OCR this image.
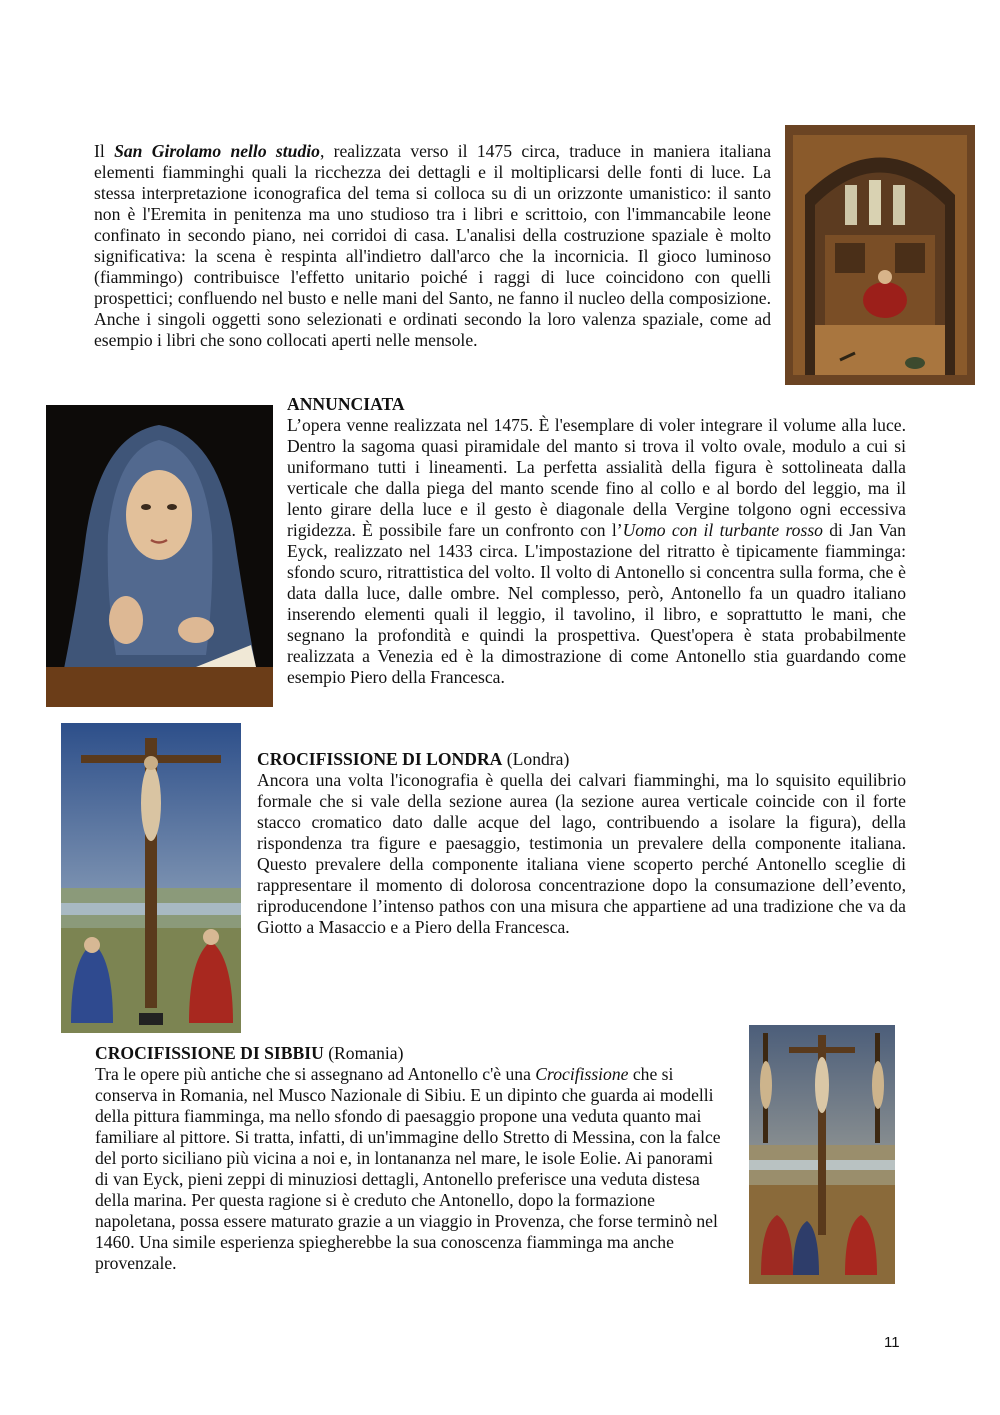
Il San Girolamo nello studio, realizzata verso il 1475 circa, traduce in maniera italiana elementi fiamminghi quali la ricchezza dei dettagli e il moltiplicarsi delle fonti di luce. La stessa interpretazione iconografica del tema si colloca su di un orizzonte umanistico: il santo non è l'Eremita in penitenza ma uno studioso tra i libri e scrittoio, con l'immancabile leone confinato in secondo piano, nei corridoi di casa. L'analisi della costruzione spaziale è molto significativa: la scena è respinta all'indietro dall'arco che la incornicia. Il gioco luminoso (fiammingo) contribuisce l'effetto unitario poiché i raggi di luce coincidono con quelli prospettici; confluendo nel busto e nelle mani del Santo, ne fanno il nucleo della composizione. Anche i singoli oggetti sono selezionati e ordinati secondo la loro valenza spaziale, come ad esempio i libri che sono collocati aperti nelle mensole.

ANNUNCIATA

L’opera venne realizzata nel 1475. È l'esemplare di voler integrare il volume alla luce. Dentro la sagoma quasi piramidale del manto si trova il volto ovale, modulo a cui si uniformano tutti i lineamenti. La perfetta assialità della figura è sottolineata dalla verticale che dalla piega del manto scende fino al collo e al bordo del leggio, ma il lento girare della luce e il gesto è diagonale della Vergine tolgono ogni eccessiva rigidezza. È possibile fare un confronto con l’Uomo con il turbante rosso di Jan Van Eyck, realizzato nel 1433 circa. L'impostazione del ritratto è tipicamente fiamminga: sfondo scuro, ritrattistica del volto. Il volto di Antonello si concentra sulla forma, che è data dalla luce, dalle ombre. Nel complesso, però, Antonello fa un quadro italiano inserendo elementi quali il leggio, il tavolino, il libro, e soprattutto le mani, che segnano la profondità e quindi la prospettiva. Quest'opera è stata probabilmente realizzata a Venezia ed è la dimostrazione di come Antonello stia guardando come esempio Piero della Francesca.

CROCIFISSIONE DI LONDRA (Londra)

Ancora una volta l'iconografia è quella dei calvari fiamminghi, ma lo squisito equilibrio formale che si vale della sezione aurea (la sezione aurea verticale coincide con il forte stacco cromatico dato dalle acque del lago, contribuendo a isolare la figura), della rispondenza tra figure e paesaggio, testimonia un prevalere della componente italiana. Questo prevalere della componente italiana viene scoperto perché Antonello sceglie di rappresentare il momento di dolorosa concentrazione dopo la consumazione dell’evento, riproducendone l’intenso pathos con una misura che appartiene ad una tradizione che va da Giotto a Masaccio e a Piero della Francesca.

CROCIFISSIONE DI SIBBIU (Romania)

Tra le opere più antiche che si assegnano ad Antonello c'è una Crocifissione che si conserva in Romania, nel Musco Nazionale di Sibiu. E un dipinto che guarda ai modelli della pittura fiamminga, ma nello sfondo di paesaggio propone una veduta quanto mai familiare al pittore. Si tratta, infatti, di un'immagine dello Stretto di Messina, con la falce del porto siciliano più vicina a noi e, in lontananza nel mare, le isole Eolie. Ai panorami di van Eyck, pieni zeppi di minuziosi dettagli, Antonello preferisce una veduta distesa della marina. Per questa ragione si è creduto che Antonello, dopo la formazione napoletana, possa essere maturato grazie a un viaggio in Provenza, che forse terminò nel 1460. Una simile esperienza spiegherebbe la sua conoscenza fiamminga ma anche provenzale.

11
